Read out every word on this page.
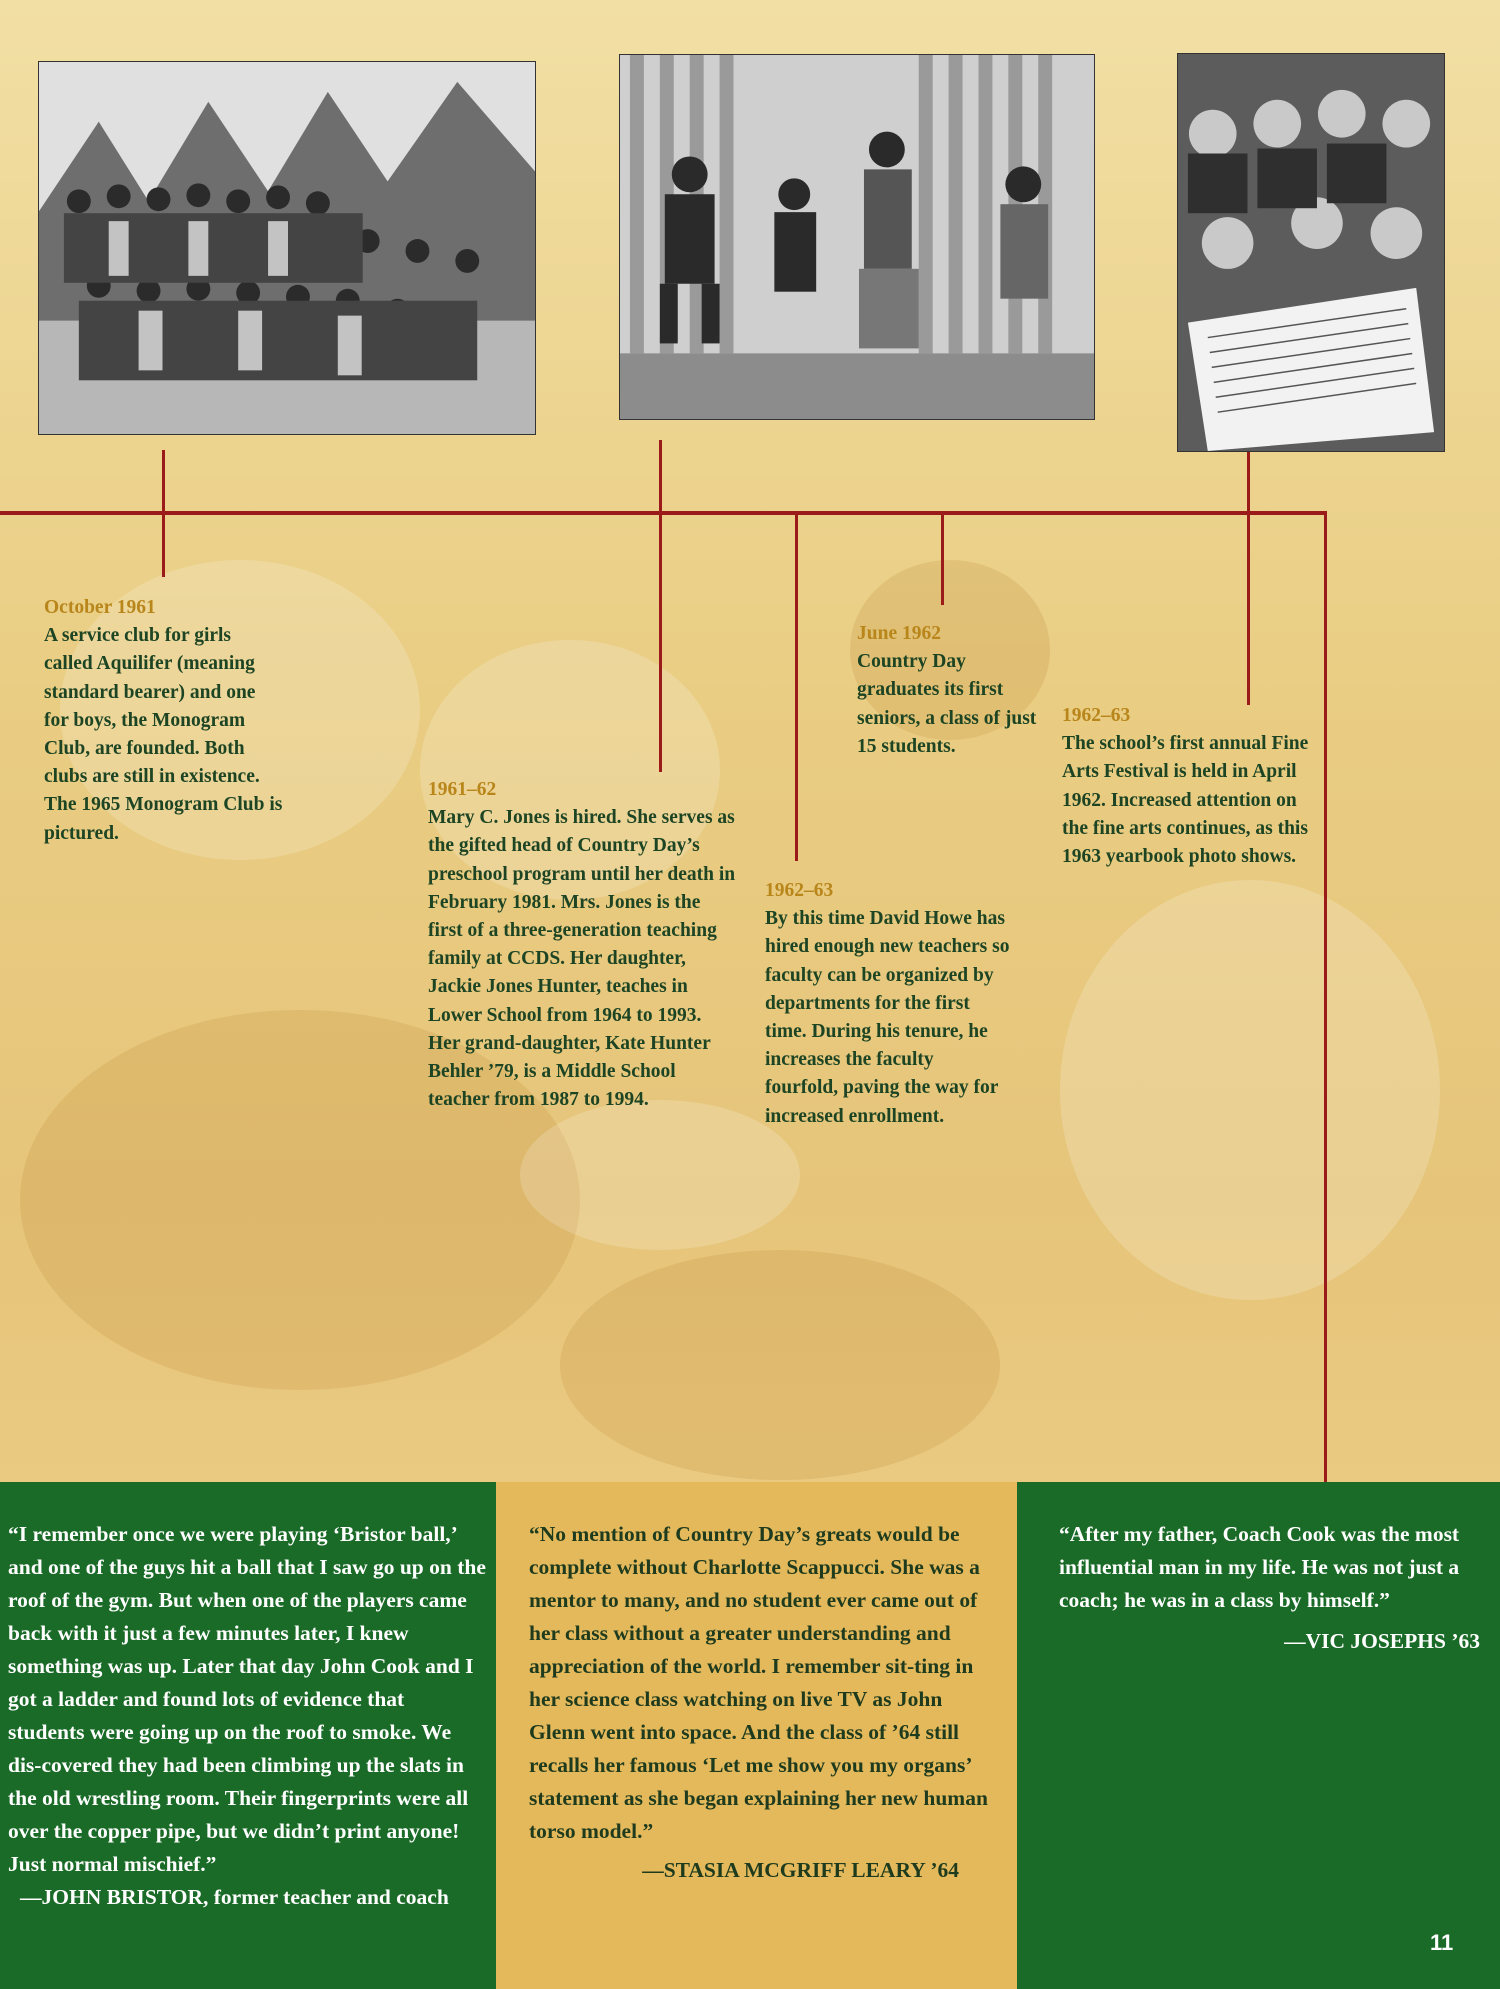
October 1961
A service club for girls called Aquilifer (meaning standard bearer) and one for boys, the Monogram Club, are founded. Both clubs are still in existence. The 1965 Monogram Club is pictured.
1961–62
Mary C. Jones is hired. She serves as the gifted head of Country Day’s preschool program until her death in February 1981. Mrs. Jones is the first of a three-generation teaching family at CCDS. Her daughter, Jackie Jones Hunter, teaches in Lower School from 1964 to 1993. Her grand-daughter, Kate Hunter Behler ’79, is a Middle School teacher from 1987 to 1994.
June 1962
Country Day graduates its first seniors, a class of just 15 students.
1962–63
By this time David Howe has hired enough new teachers so faculty can be organized by departments for the first time. During his tenure, he increases the faculty fourfold, paving the way for increased enrollment.
1962–63
The school’s first annual Fine Arts Festival is held in April 1962. Increased attention on the fine arts continues, as this 1963 yearbook photo shows.
“I remember once we were playing ‘Bristor ball,’ and one of the guys hit a ball that I saw go up on the roof of the gym. But when one of the players came back with it just a few minutes later, I knew something was up. Later that day John Cook and I got a ladder and found lots of evidence that students were going up on the roof to smoke. We dis-covered they had been climbing up the slats in the old wrestling room. Their fingerprints were all over the copper pipe, but we didn’t print anyone! Just normal mischief.”
—JOHN BRISTOR, former teacher and coach
“No mention of Country Day’s greats would be complete without Charlotte Scappucci. She was a mentor to many, and no student ever came out of her class without a greater understanding and appreciation of the world. I remember sit-ting in her science class watching on live TV as John Glenn went into space. And the class of ’64 still recalls her famous ‘Let me show you my organs’ statement as she began explaining her new human torso model.”
—STASIA MCGRIFF LEARY ’64
“After my father, Coach Cook was the most influential man in my life. He was not just a coach; he was in a class by himself.”
—VIC JOSEPHS ’63
11
